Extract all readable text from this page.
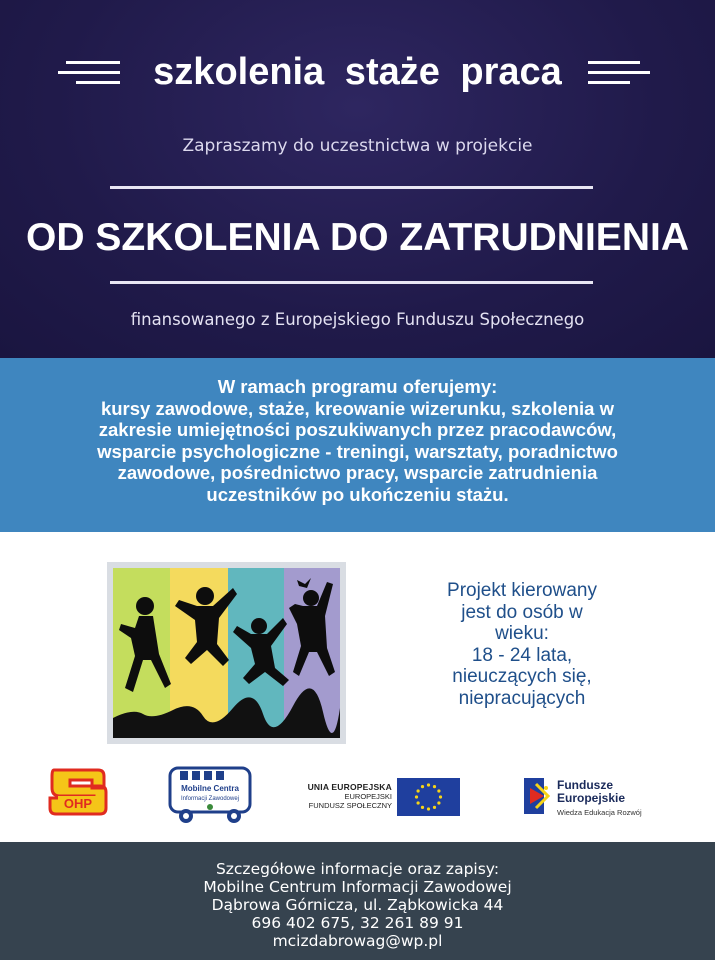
szkolenia staże praca
Zapraszamy do uczestnictwa w projekcie
OD SZKOLENIA DO ZATRUDNIENIA
finansowanego z Europejskiego Funduszu Społecznego
W ramach programu oferujemy:
kursy zawodowe, staże, kreowanie wizerunku, szkolenia w
zakresie umiejętności poszukiwanych przez pracodawców,
wsparcie psychologiczne - treningi, warsztaty, poradnictwo
zawodowe, pośrednictwo pracy, wsparcie zatrudnienia
uczestników po ukończeniu stażu.
Projekt kierowany
jest do osób w
wieku:
18 - 24 lata,
nieuczących się,
niepracujących
OHP
Mobilne Centra
Informacji Zawodowej
UNIA EUROPEJSKA
EUROPEJSKI
FUNDUSZ SPOŁECZNY
Fundusze
Europejskie
Wiedza Edukacja Rozwój
Szczegółowe informacje oraz zapisy:
Mobilne Centrum Informacji Zawodowej
Dąbrowa Górnicza, ul. Ząbkowicka 44
696 402 675, 32 261 89 91
mcizdabrowag@wp.pl
